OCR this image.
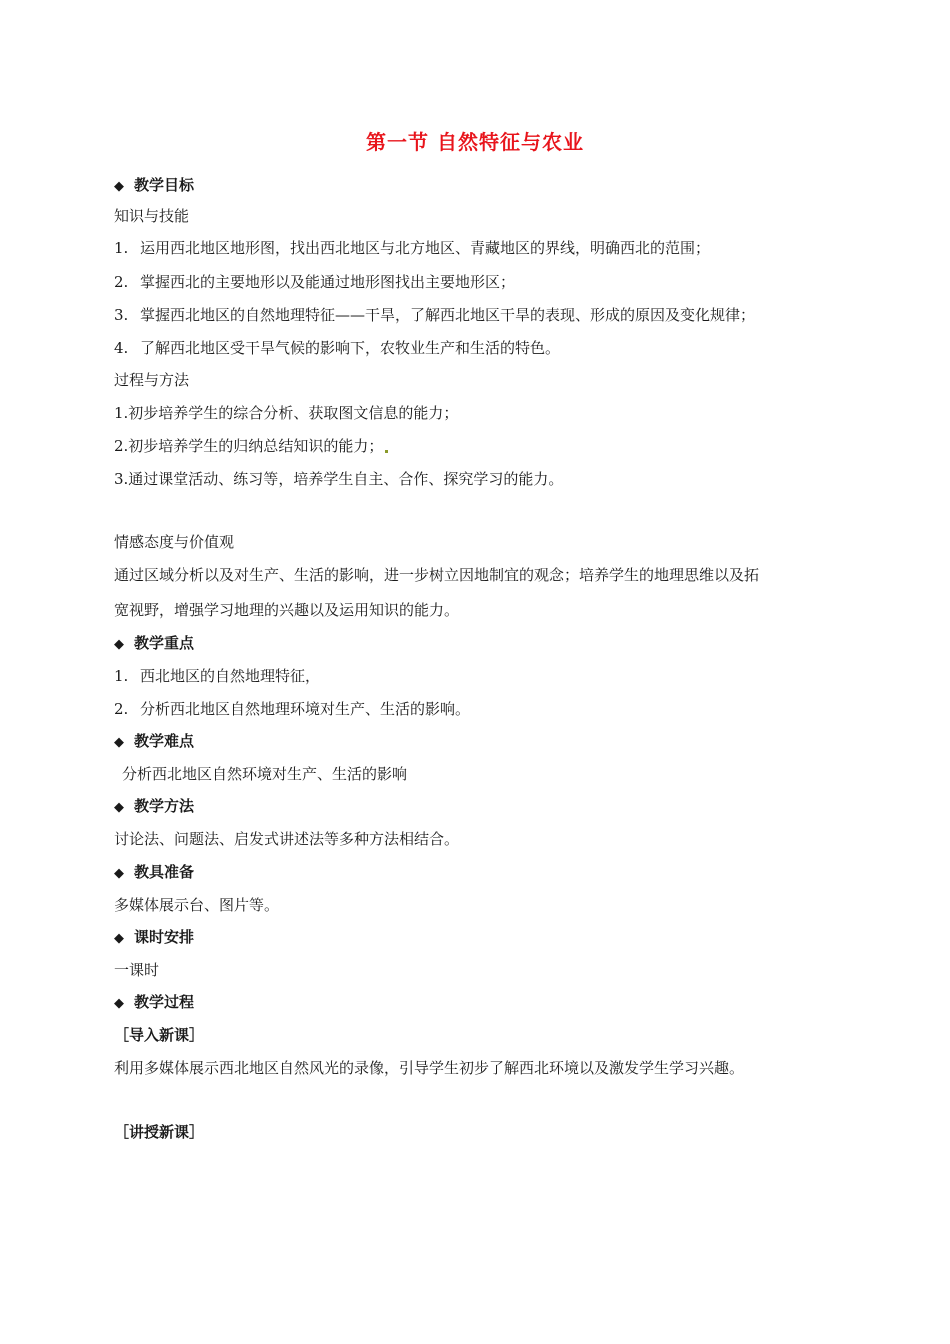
第一节 自然特征与农业
◆ 教学目标
知识与技能
1. 运用西北地区地形图，找出西北地区与北方地区、青藏地区的界线，明确西北的范围；
2. 掌握西北的主要地形以及能通过地形图找出主要地形区；
3. 掌握西北地区的自然地理特征——干旱，了解西北地区干旱的表现、形成的原因及变化规律；
4. 了解西北地区受干旱气候的影响下，农牧业生产和生活的特色。
过程与方法
1.初步培养学生的综合分析、获取图文信息的能力；
2.初步培养学生的归纳总结知识的能力；
3.通过课堂活动、练习等，培养学生自主、合作、探究学习的能力。
情感态度与价值观
通过区域分析以及对生产、生活的影响，进一步树立因地制宜的观念；培养学生的地理思维以及拓
宽视野，增强学习地理的兴趣以及运用知识的能力。
◆ 教学重点
1. 西北地区的自然地理特征，
2. 分析西北地区自然地理环境对生产、生活的影响。
◆ 教学难点
分析西北地区自然环境对生产、生活的影响
◆ 教学方法
讨论法、问题法、启发式讲述法等多种方法相结合。
◆ 教具准备
多媒体展示台、图片等。
◆ 课时安排
一课时
◆ 教学过程
［导入新课］
利用多媒体展示西北地区自然风光的录像，引导学生初步了解西北环境以及激发学生学习兴趣。
［讲授新课］
